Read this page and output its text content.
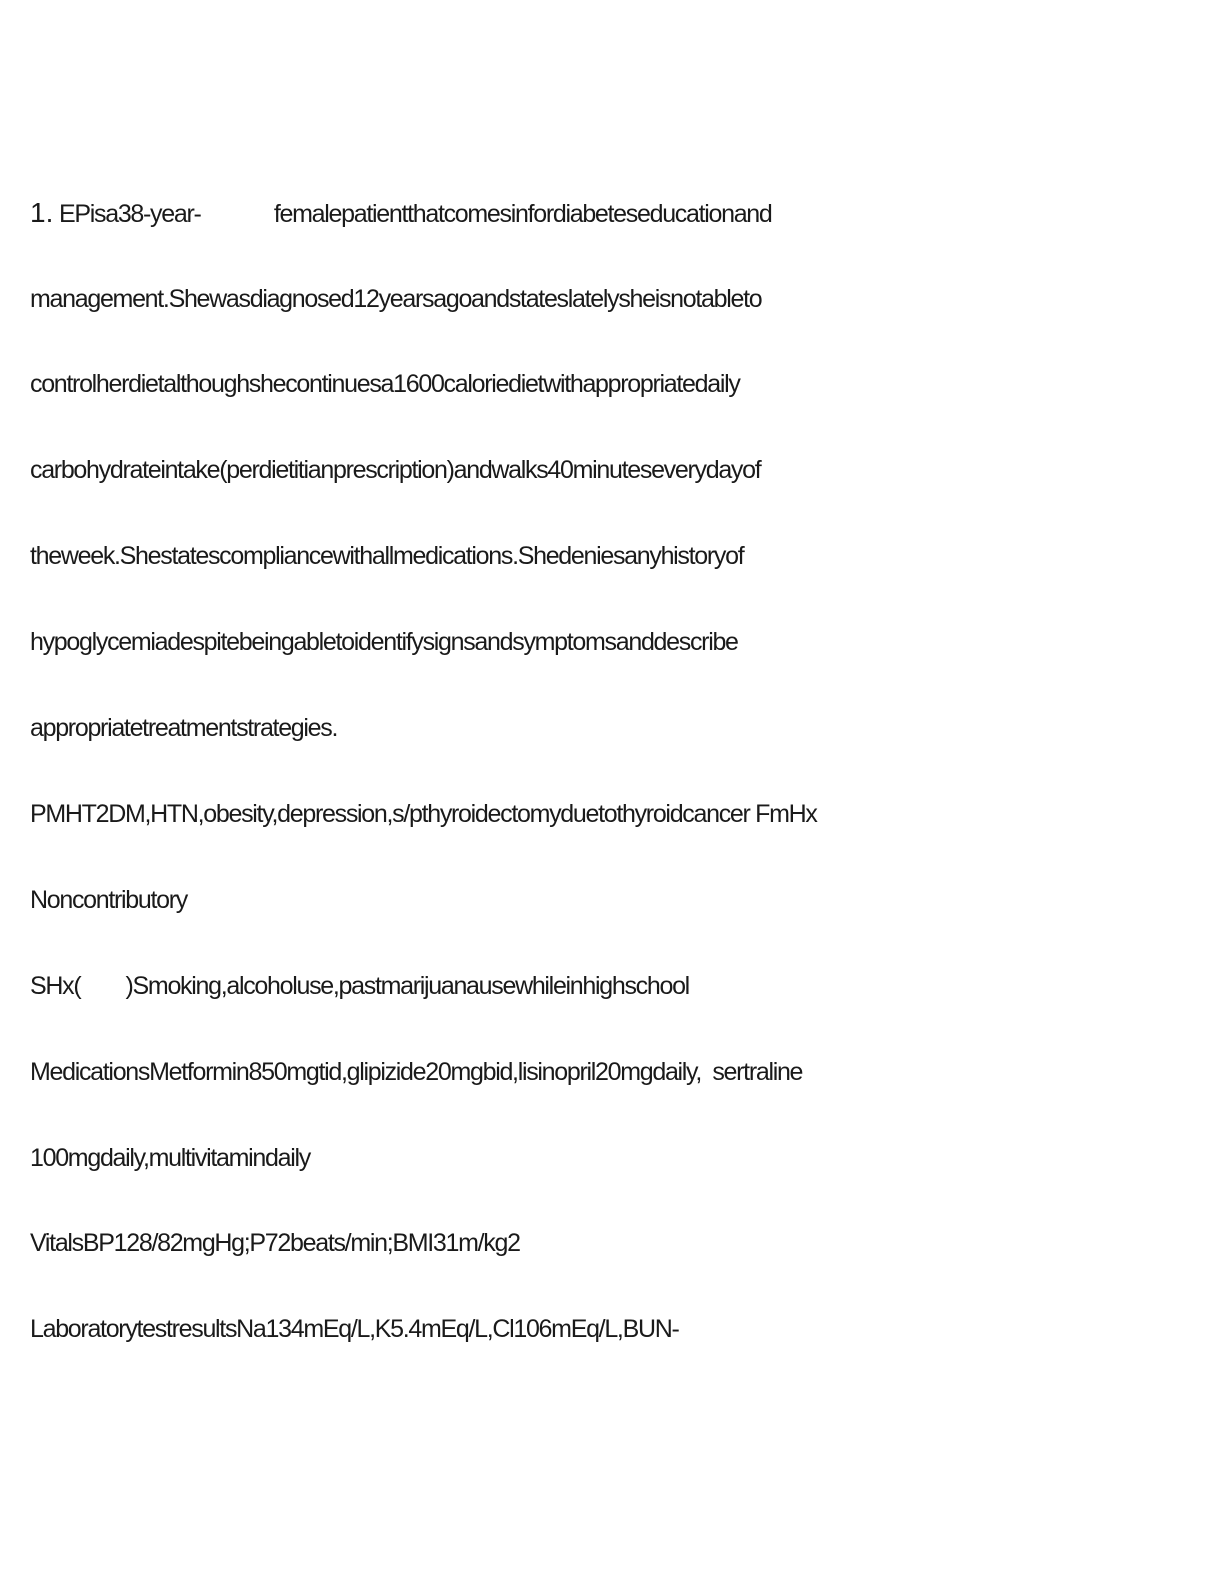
1. EPisa38-year-             femalepatientthatcomesinfordiabeteseducationand
management.Shewasdiagnosed12yearsagoandstateslatelysheisnotableto
controlherdietalthoughshecontinuesa1600caloriedietwithappropriatedaily
carbohydrateintake(perdietitianprescription)andwalks40minuteseverydayof
theweek.Shestatescompliancewithallmedications.Shedeniesanyhistoryof
hypoglycemiadespitebeingabletoidentifysignsandsymptomsanddescribe
appropriatetreatmentstrategies.
PMHT2DM,HTN,obesity,depression,s/pthyroidectomyduetothyroidcancer FmHx
Noncontributory
SHx(        )Smoking,alcoholuse,pastmarijuanausewhileinhighschool
MedicationsMetformin850mgtid,glipizide20mgbid,lisinopril20mgdaily,  sertraline
100mgdaily,multivitamindaily
VitalsBP128/82mgHg;P72beats/min;BMI31m/kg2
LaboratorytestresultsNa134mEq/L,K5.4mEq/L,Cl106mEq/L,BUN-
